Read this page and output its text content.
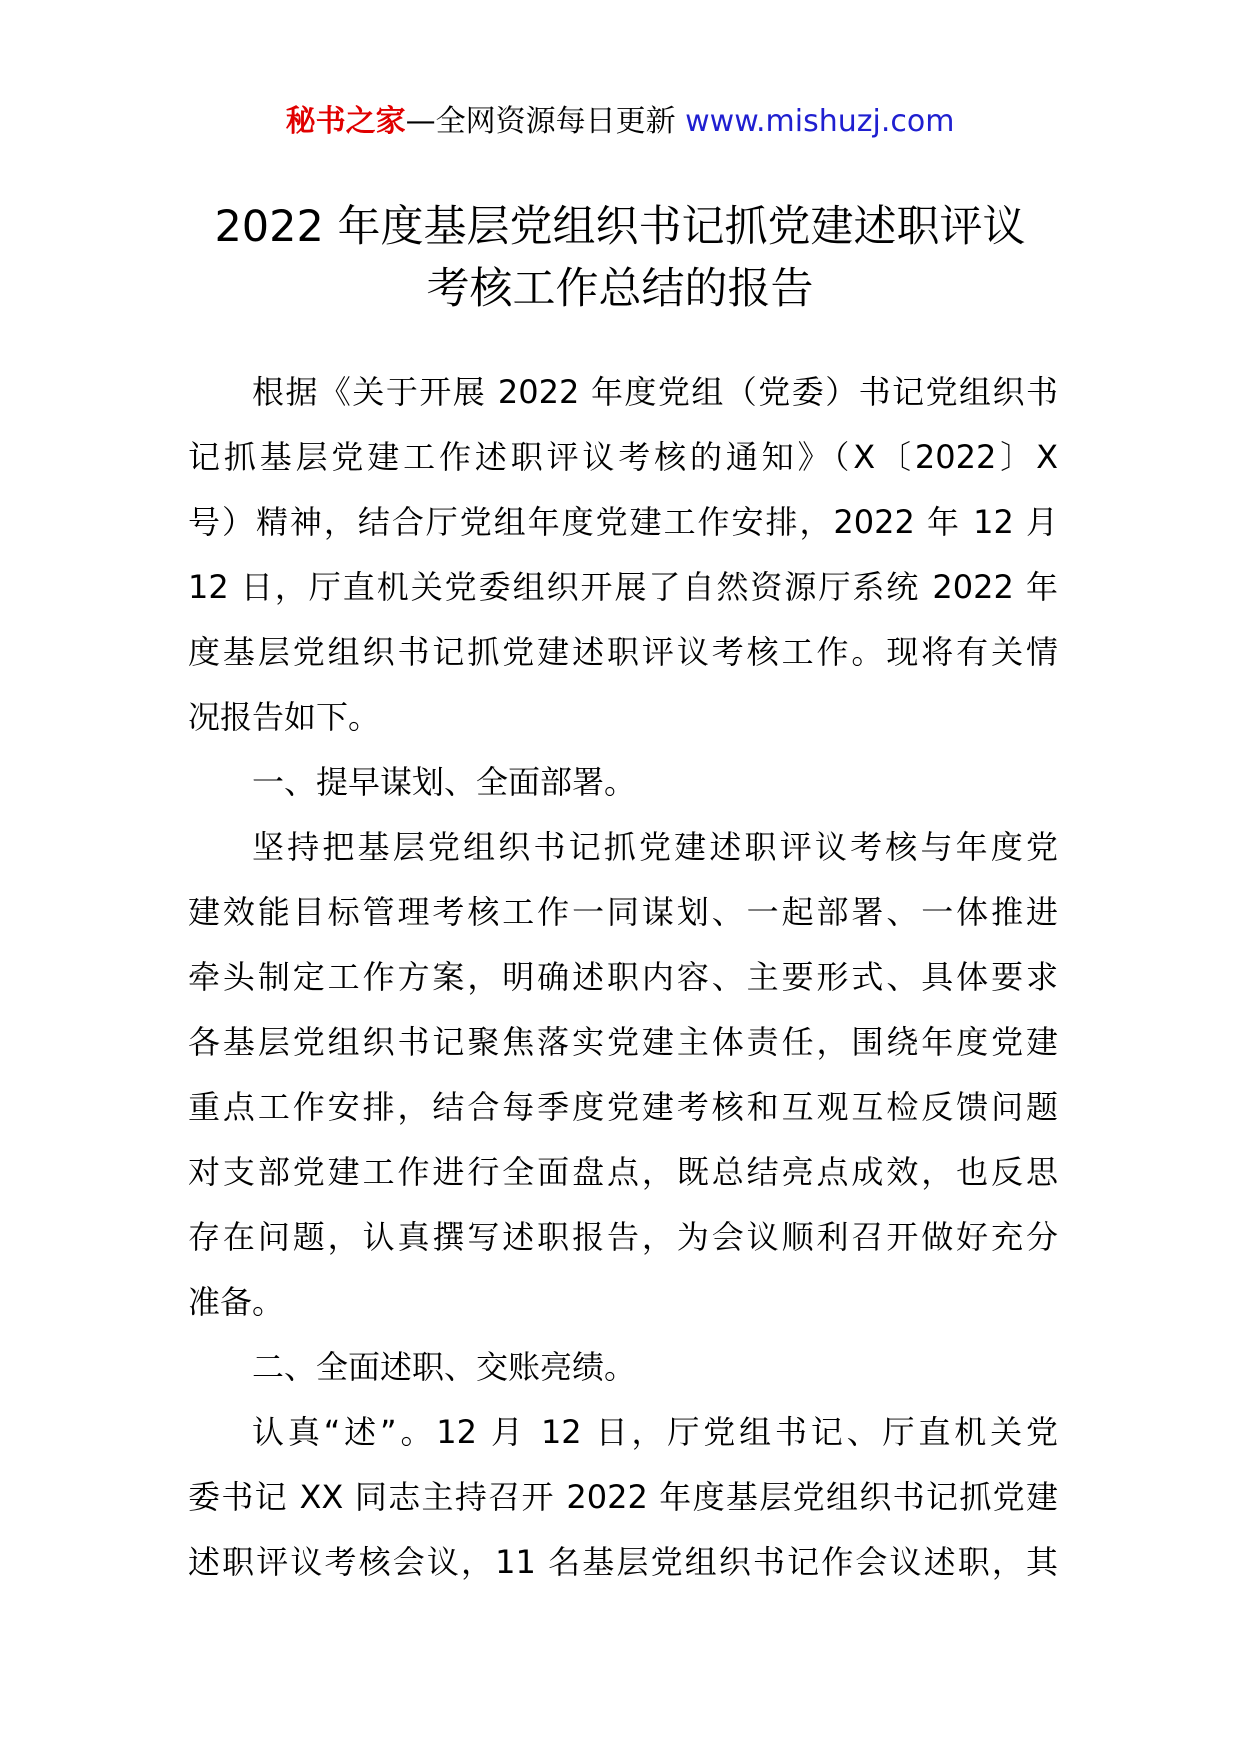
秘书之家—全网资源每日更新 www.mishuzj.com
2022 年度基层党组织书记抓党建述职评议
考核工作总结的报告
根据《关于开展 2022 年度党组（党委）书记党组织书
记抓基层党建工作述职评议考核的通知》（X〔2022〕X
号）精神，结合厅党组年度党建工作安排，2022 年 12 月
12 日，厅直机关党委组织开展了自然资源厅系统 2022 年
度基层党组织书记抓党建述职评议考核工作。现将有关情
况报告如下。
一、提早谋划、全面部署。
坚持把基层党组织书记抓党建述职评议考核与年度党
建效能目标管理考核工作一同谋划、一起部署、一体推进
牵头制定工作方案，明确述职内容、主要形式、具体要求
各基层党组织书记聚焦落实党建主体责任，围绕年度党建
重点工作安排，结合每季度党建考核和互观互检反馈问题
对支部党建工作进行全面盘点，既总结亮点成效，也反思
存在问题，认真撰写述职报告，为会议顺利召开做好充分
准备。
二、全面述职、交账亮绩。
认真“述”。12 月 12 日，厅党组书记、厅直机关党
委书记 XX 同志主持召开 2022 年度基层党组织书记抓党建
述职评议考核会议，11 名基层党组织书记作会议述职，其
